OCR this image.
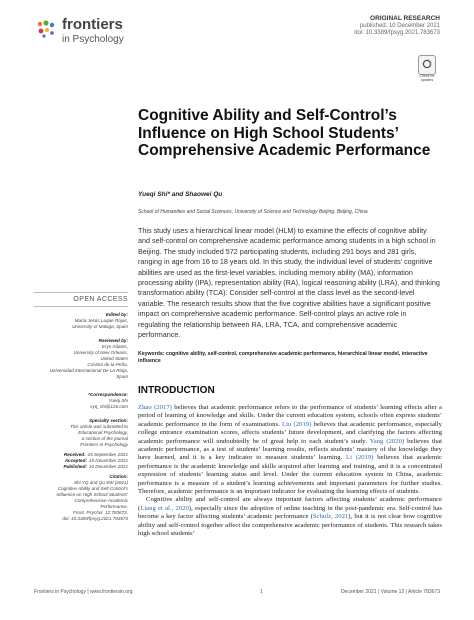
frontiers
in Psychology
ORIGINAL RESEARCH
published: 10 December 2021
doi: 10.3389/fpsyg.2021.783673
Check for updates
Cognitive Ability and Self-Control’s Influence on High School Students’ Comprehensive Academic Performance
Yueqi Shi* and Shaowei Qu
School of Humanities and Social Sciences, University of Science and Technology Beijing, Beijing, China
This study uses a hierarchical linear model (HLM) to examine the effects of cognitive ability and self-control on comprehensive academic performance among students in a high school in Beijing. The study included 572 participating students, including 291 boys and 281 girls, ranging in age from 16 to 18 years old. In this study, the individual level of students’ cognitive abilities are used as the first-level variables, including memory ability (MA), information processing ability (IPA), representation ability (RA), logical reasoning ability (LRA), and thinking transformation ability (TCA). Consider self-control at the class level as the second-level variable. The research results show that the five cognitive abilities have a significant positive impact on comprehensive academic performance. Self-control plays an active role in regulating the relationship between RA, LRA, TCA, and comprehensive academic performance.
Keywords: cognitive ability, self-control, comprehensive academic performance, hierarchical linear model, interactive influence
INTRODUCTION

Zhao (2017) believes that academic performance refers to the performance of students’ learning effects after a period of learning of knowledge and skills. Under the current education system, schools often express students’ academic performance in the form of examinations. Liu (2019) believes that academic performance, especially college entrance examination scores, affects students’ future development, and clarifying the factors affecting academic performance will undoubtedly be of great help to each student’s study. Yang (2020) believes that academic performance, as a test of students’ learning results, reflects students’ mastery of the knowledge they have learned, and it is a key indicator to measure students’ learning. Li (2019) believes that academic performance is the academic knowledge and skills acquired after learning and training, and it is a concentrated expression of students’ learning status and level. Under the current education system in China, academic performance is a measure of a student’s learning achievements and important parameters for further studies. Therefore, academic performance is an important indicator for evaluating the learning effects of students.

Cognitive ability and self-control are always important factors affecting students’ academic performance (Liang et al., 2020), especially since the adoption of online teaching in the post-pandemic era. Self-control has become a key factor affecting students’ academic performance (Schulz, 2021), but it is not clear how cognitive ability and self-control together affect the comprehensive academic performance of students. This research takes high school students’

OPEN ACCESS
Edited by:
María Jesús Luque Rojas,
University of Malaga, Spain
Reviewed by:
Eryn Adams,
University of New Orleans,
United States
Cristina de-la-Peña,
Universidad Internacional De La Rioja,
Spain
*Correspondence:
Yueqi Shi
syq_shi@126.com
Specialty section:
This article was submitted to
Educational Psychology,
a section of the journal
Frontiers in Psychology
Received: 26 September 2021
Accepted: 15 November 2021
Published: 10 December 2021
Citation:
Shi YQ and Qu SW (2021)
Cognitive Ability and Self-Control’s
Influence on High School Students’
Comprehensive Academic
Performance.
Front. Psychol. 12:783673.
doi: 10.3389/fpsyg.2021.783673
Frontiers in Psychology | www.frontiersin.org	1	December 2021 | Volume 12 | Article 783673
